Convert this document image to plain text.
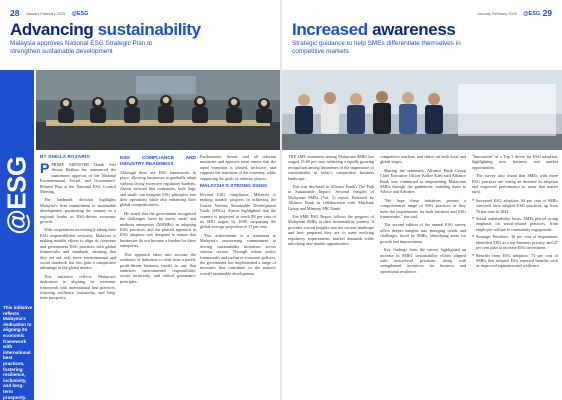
28 January February 2025 @ESG
Advancing sustainability
Malaysia approves National ESG Strategic Plan to strengthen sustainable development
@ESG
This initiative reflects Malaysia's dedication to aligning its economic framework with international best practices, fostering resilience, inclusivity, and long-term prosperity.
BY SHEILA ROZARIO

PPRIME MINISTER Datuk Seri Anwar Ibrahim has announced the unanimous approval of the National Environmental, Social, and Governance-Related Plan at the National ESG Council Meeting.

The landmark decision highlights Malaysia's firm commitment to sustainable development, positioning the country as a regional leader in ESG-driven economic growth.

With corporations increasingly taking their ESG responsibilities seriously, Malaysia is making notable efforts to align its corporate and government ESG practices with global frameworks and standards, ensuring that they are not only more environmental and social standards but also gain a competitive advantage in the global market.

This initiative reflects Malaysia's dedication to aligning its economic framework with international best practices, fostering resilience, inclusivity, and long-term prosperity.

ESG COMPLIANCE AND INDUSTRY READINESS

Although there are ESG frameworks in place, allowing businesses to gradually adapt without facing excessive regulatory burdens, Anwar stressed that companies, both large and small, can integrate ESG principles into their operations while also enhancing their global competitiveness.

He noted that the government recognised the challenges faced by micro, small and medium enterprises (MSMEs) in adopting ESG practices, and the phased approach to ESG adoption was designed to ensure that businesses do not become a burden for these enterprises.

This approach takes into account the readiness of industries to shift from a purely profit-driven business model to one that embraces environmental responsibility, social inclusivity, and ethical governance principles.

Furthermore, Anwar said all relevant ministries and agencies must ensure that the rapid transition is phased, inclusive, and supports the transition of the economy, while supporting the goals of industry players.

MALAYSIA'S STRONG SIGNS

Beyond ESG compliance, Malaysia is making notable progress in achieving the United Nations Sustainable Development Goals (SDGs). Anwar highlighted that the country is projected to reach 89 per cent of its SDG targets by 2030, surpassing the global average projection of 17 per cent.

This achievement is a testament to Malaysia's unwavering commitment to driving sustainability initiatives across various sectors. Through robust policy frameworks and inclusive economic policies, the government has implemented a range of measures that contribute to the nation's overall sustainable development.

January February 2025 @ESG 29
Increased awareness
Strategic guidance to help SMEs differentiate themselves in competitive markets

THE SME awareness among Malaysian SMEs has surged 15-60 per cent, reflecting a rapidly growing recognition among businesses of the importance of sustainability in today's competitive business landscape.

This was disclosed in Alliance Bank's The Path to Sustainable Impact: Sectoral Insights of Malaysian SMEs (Vol. 2) report. Released by Alliance Bank in collaboration with Maybank Group and Ministry MK Namit.

The SME ESG Report follows the progress of Malaysian SMEs in their sustainability journey. It provides crucial insights into the current landscape and how prepared they are to meet evolving regulatory requirements, market demands while unlocking new market opportunities.

competitive markets, and thrive on both local and global stages.

Sharing the sentiment, Alliance Bank Group Chief Executive Officer Kellee Kam said Alliance Bank was committed to empowering Malaysian SMEs through the guidebook, enabling them to Advise and Advance.

"We hope these initiatives present a comprehensive range of ESG practices as they meet the requirements for both business and ESG frameworks," she said.

The second edition of the annual ESG survey offers deeper insights into emerging trends and challenges faced by SMEs, identifying areas for growth and improvement.

Key findings from the survey highlighted an increase in SMEs' sustainability efforts aligned with sector-level priorities, along with strengthened incentives for business and operational resilience.

"Innovation" as a Top 3 driver for ESG adoption, highlighting new business and market opportunities.

The survey also found that SMEs with more ESG practices are seeing an increase in adoption and improved performance in areas that matter most.

● Increased ESG adoption: 84 per cent of SMEs surveyed have adopted ESG practices, up from 76 per cent in 2023.
● Social sustainability focus: SMEs placed strong emphasis on social-related practices, from employee welfare to community engagement.
● Strategic Priorities: 36 per cent of respondents identified ESG as a top business priority, and 47 per cent plan to increase ESG investment.
● Benefits from ESG adoption: 73 per cent of SMEs that adopted ESG reported benefits such as improved reputation and resilience.
